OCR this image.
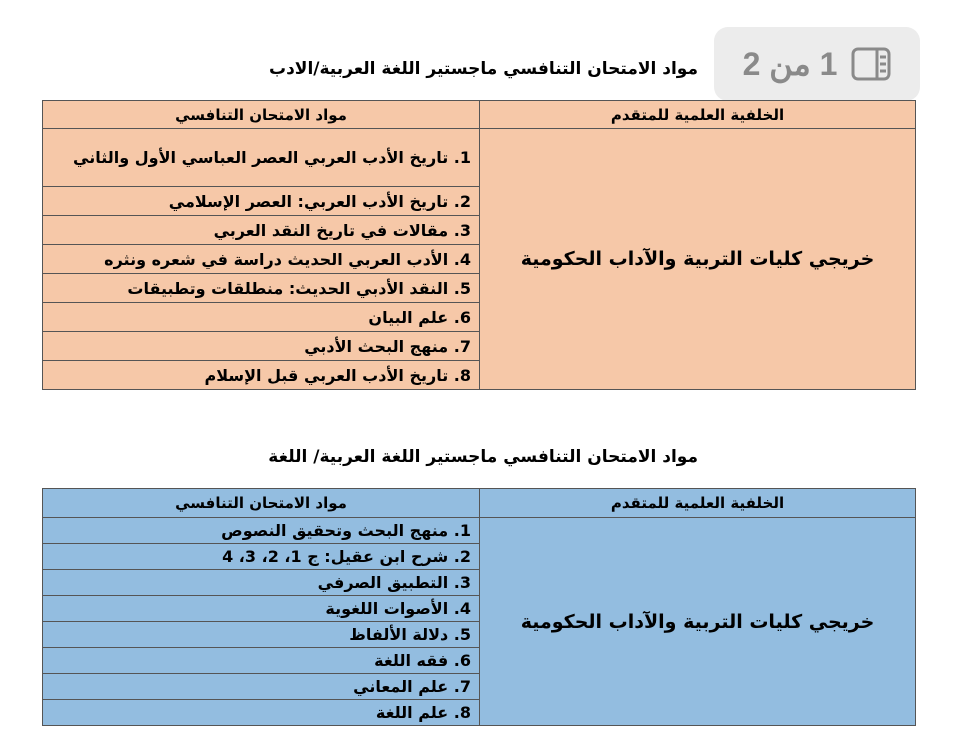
1 من 2
مواد الامتحان التنافسي ماجستير اللغة العربية/الادب
الخلفية العلمية للمتقدم	مواد الامتحان التنافسي
خريجي كليات التربية والآداب الحكومية	1. تاريخ الأدب العربي العصر العباسي الأول والثاني
	2. تاريخ الأدب العربي: العصر الإسلامي
	3. مقالات في تاريخ النقد العربي
	4. الأدب العربي الحديث دراسة في شعره ونثره
	5. النقد الأدبي الحديث: منطلقات وتطبيقات
	6. علم البيان
	7. منهج البحث الأدبي
	8. تاريخ الأدب العربي قبل الإسلام
مواد الامتحان التنافسي ماجستير اللغة العربية/ اللغة
الخلفية العلمية للمتقدم	مواد الامتحان التنافسي
خريجي كليات التربية والآداب الحكومية	1. منهج البحث وتحقيق النصوص
	2. شرح ابن عقيل: ج 1، 2، 3، 4
	3. التطبيق الصرفي
	4. الأصوات اللغوية
	5. دلالة الألفاظ
	6. فقه اللغة
	7. علم المعاني
	8. علم اللغة
